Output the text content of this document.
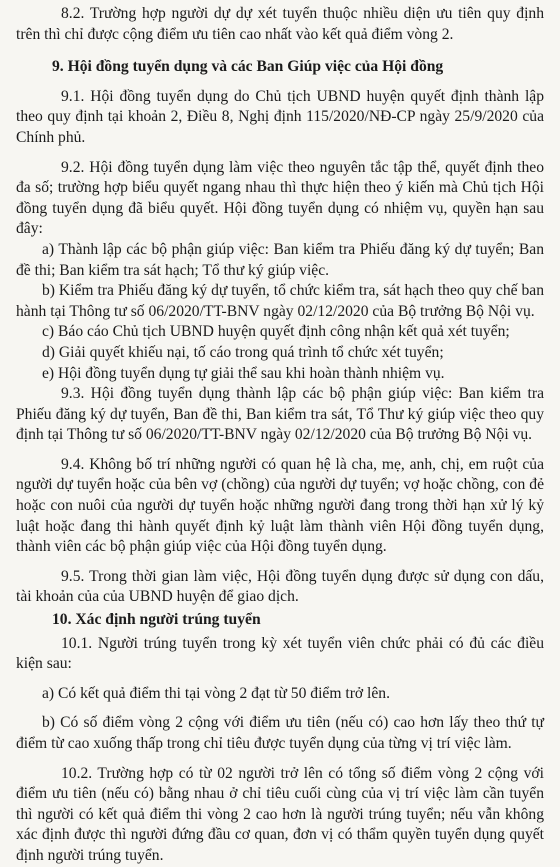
8.2. Trường hợp người dự dự xét tuyển thuộc nhiều diện ưu tiên quy định trên thì chỉ được cộng điểm ưu tiên cao nhất vào kết quả điểm vòng 2.

9. Hội đồng tuyển dụng và các Ban Giúp việc của Hội đồng

9.1. Hội đồng tuyển dụng do Chủ tịch UBND huyện quyết định thành lập theo quy định tại khoản 2, Điều 8, Nghị định 115/2020/NĐ-CP ngày 25/9/2020 của Chính phủ.

9.2. Hội đồng tuyển dụng làm việc theo nguyên tắc tập thể, quyết định theo đa số; trường hợp biểu quyết ngang nhau thì thực hiện theo ý kiến mà Chủ tịch Hội đồng tuyển dụng đã biểu quyết. Hội đồng tuyển dụng có nhiệm vụ, quyền hạn sau đây:

a) Thành lập các bộ phận giúp việc: Ban kiểm tra Phiếu đăng ký dự tuyển; Ban đề thi; Ban kiểm tra sát hạch; Tổ thư ký giúp việc.

b) Kiểm tra Phiếu đăng ký dự tuyển, tổ chức kiểm tra, sát hạch theo quy chế ban hành tại Thông tư số 06/2020/TT-BNV ngày 02/12/2020 của Bộ trưởng Bộ Nội vụ.

c) Báo cáo Chủ tịch UBND huyện quyết định công nhận kết quả xét tuyển;

d) Giải quyết khiếu nại, tố cáo trong quá trình tổ chức xét tuyển;

e) Hội đồng tuyển dụng tự giải thể sau khi hoàn thành nhiệm vụ.

9.3. Hội đồng tuyển dụng thành lập các bộ phận giúp việc: Ban kiểm tra Phiếu đăng ký dự tuyển, Ban đề thi, Ban kiểm tra sát, Tổ Thư ký giúp việc theo quy định tại Thông tư số 06/2020/TT-BNV ngày 02/12/2020 của Bộ trưởng Bộ Nội vụ.

9.4. Không bố trí những người có quan hệ là cha, mẹ, anh, chị, em ruột của người dự tuyển hoặc của bên vợ (chồng) của người dự tuyển; vợ hoặc chồng, con đẻ hoặc con nuôi của người dự tuyển hoặc những người đang trong thời hạn xử lý kỷ luật hoặc đang thi hành quyết định kỷ luật làm thành viên Hội đồng tuyển dụng, thành viên các bộ phận giúp việc của Hội đồng tuyển dụng.

9.5. Trong thời gian làm việc, Hội đồng tuyển dụng được sử dụng con dấu, tài khoản của của UBND huyện để giao dịch.

10. Xác định người trúng tuyển

10.1. Người trúng tuyển trong kỳ xét tuyển viên chức phải có đủ các điều kiện sau:

a) Có kết quả điểm thi tại vòng 2 đạt từ 50 điểm trở lên.

b) Có số điểm vòng 2 cộng với điểm ưu tiên (nếu có) cao hơn lấy theo thứ tự điểm từ cao xuống thấp trong chỉ tiêu được tuyển dụng của từng vị trí việc làm.

10.2. Trường hợp có từ 02 người trở lên có tổng số điểm vòng 2 cộng với điểm ưu tiên (nếu có) bằng nhau ở chỉ tiêu cuối cùng của vị trí việc làm cần tuyển thì người có kết quả điểm thi vòng 2 cao hơn là người trúng tuyển; nếu vẫn không xác định được thì người đứng đầu cơ quan, đơn vị có thẩm quyền tuyển dụng quyết định người trúng tuyển.
